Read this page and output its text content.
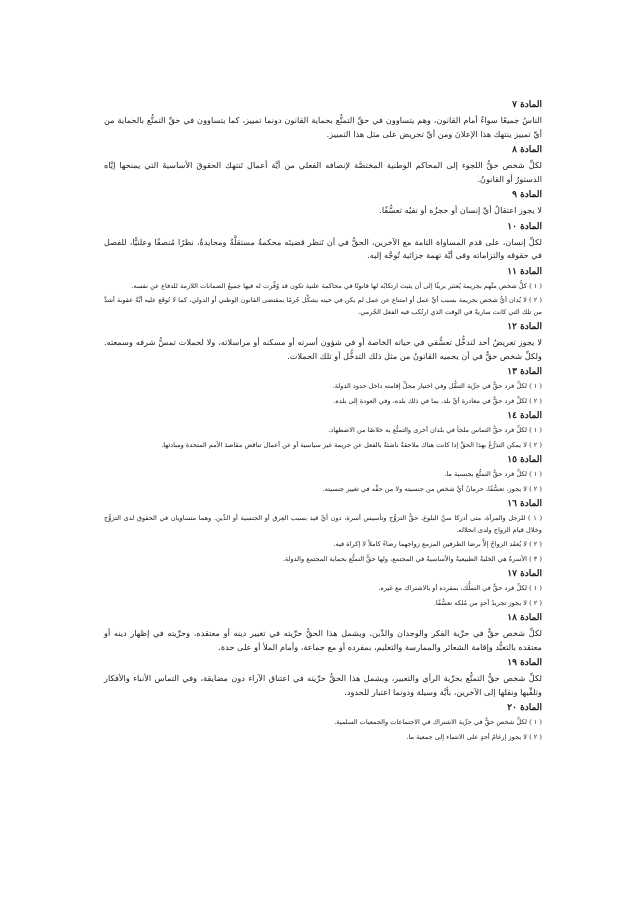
المادة ٧
الناسُ جميعًا سواءٌ أمام القانون، وهم يتساوون في حقِّ التمتُّع بحماية القانون دونما تمييز، كما يتساوون في حقِّ التمتُّع بالحماية من أيِّ تمييز ينتهك هذا الإعلانَ ومن أيِّ تحريض على مثل هذا التمييز.
المادة ٨
لكلِّ شخص حقُّ اللجوء إلى المحاكم الوطنية المختصَّة لإنصافه الفعلي من أيَّة أعمال تَنتهك الحقوقَ الأساسيةَ التي يمنحها إيَّاه الدستورُ أو القانونُ.
المادة ٩
لا يجوز اعتقالُ أيِّ إنسان أو حجزُه أو نفيُه تعسُّفًا.
المادة ١٠
لكلِّ إنسان، على قدم المساواة التامة مع الآخرين، الحقُّ في أن تَنظر قضيتَه محكمةٌ مستقلَّةٌ ومحايدةٌ، نظرًا مُنصفًا وعلنيًّا، للفصل في حقوقه والتزاماته وفى أيَّة تهمة جزائية تُوجَّه إليه.
المادة ١١
( ١ ) كلُّ شخص متَّهم بجريمة يُعتبَر بريئًا إلى أن يثبت ارتكابُه لها قانونًا في محاكمة علنية تكون قد وُفِّرت له فيها جميعُ الضمانات اللازمة للدفاع عن نفسه.
( ٢ ) لا يُدان أيُّ شخص بجريمة بسبب أيِّ عمل أو امتناع عن عمل لم يكن في حينه يشكِّل جُرمًا بمقتضى القانون الوطني أو الدولي، كما لا تُوقَع عليه أيَّةُ عقوبة أشدَّ من تلك التي كانت ساريةً في الوقت الذي ارتُكب فيه الفعل الجُرمي.
المادة ١٢
لا يجوز تعريضُ أحد لتدخُّل تعسُّفي في حياته الخاصة أو في شؤون أسرته أو مسكنه أو مراسلاته، ولا لحملات تمسُّ شرفه وسمعته. ولكلِّ شخص حقٌّ في أن يحميه القانونُ من مثل ذلك التدخُّل أو تلك الحملات.
المادة ١٣
( ١ ) لكلِّ فرد حقٌّ في حرِّية التنقُّل وفي اختيار محلِّ إقامته داخل حدود الدولة.
( ٢ ) لكلِّ فرد حقٌّ في مغادرة أيِّ بلد، بما في ذلك بلده، وفي العودة إلى بلده.
المادة ١٤
( ١ ) لكلِّ فرد حقُّ التماس ملجأ في بلدان أخرى والتمتُّع به خلاصًا من الاضطهاد.
( ٢ ) لا يمكن التذرُّعُ بهذا الحقِّ إذا كانت هناك ملاحقةٌ ناشئةٌ بالفعل عن جريمة غير سياسية أو عن أعمال تناقض مقاصدَ الأمم المتحدة ومبادئها.
المادة ١٥
( ١ ) لكلِّ فرد حقُّ التمتُّع بجنسية ما.
( ٢ ) لا يجوز، تعسُّفًا، حرمانُ أيِّ شخص من جنسيته ولا من حقِّه في تغيير جنسيته.
المادة ١٦
( ١ ) للرجل والمرأة، متى أدركا سنَّ البلوغ، حقُّ التزوُّج وتأسيس أسرة، دون أيِّ قيد بسبب العِرق أو الجنسية أو الدِّين. وهما متساويان في الحقوق لدى التزوُّج وخلال قيام الزواج ولدى انحلاله.
( ٢ ) لا يُعقَد الزواجُ إلاَّ برضا الطرفين المزمع زواجهما رضاءً كاملاً لا إكراهَ فيه.
( ٣ ) الأسرةُ هي الخليةُ الطبيعيةُ والأساسيةُ في المجتمع، ولها حقُّ التمتُّع بحماية المجتمع والدولة.
المادة ١٧
( ١ ) لكلِّ فرد حقٌّ في التملُّك، بمفرده أو بالاشتراك مع غيره.
( ٢ ) لا يجوز تجريدُ أحدٍ من مُلكه تعسُّفًا.
المادة ١٨
لكلِّ شخص حقٌّ في حرِّية الفكر والوجدان والدِّين، ويشمل هذا الحقُّ حرِّيته في تغيير دينه أو معتقده، وحرِّيته في إظهار دينه أو معتقده بالتعبُّد وإقامة الشعائر والممارسة والتعليم، بمفرده أو مع جماعة، وأمام الملأ أو على حدة.
المادة ١٩
لكلِّ شخص حقُّ التمتُّع بحرِّية الرأي والتعبير، ويشمل هذا الحقُّ حرِّيته في اعتناق الآراء دون مضايقة، وفي التماس الأنباء والأفكار وتلقِّيها ونقلها إلى الآخرين، بأيَّة وسيلة ودونما اعتبار للحدود.
المادة ٢٠
( ١ ) لكلِّ شخص حقٌّ في حرِّية الاشتراك في الاجتماعات والجمعيات السلمية.
( ٢ ) لا يجوز إرغامُ أحدٍ على الانتماء إلى جمعية ما.
